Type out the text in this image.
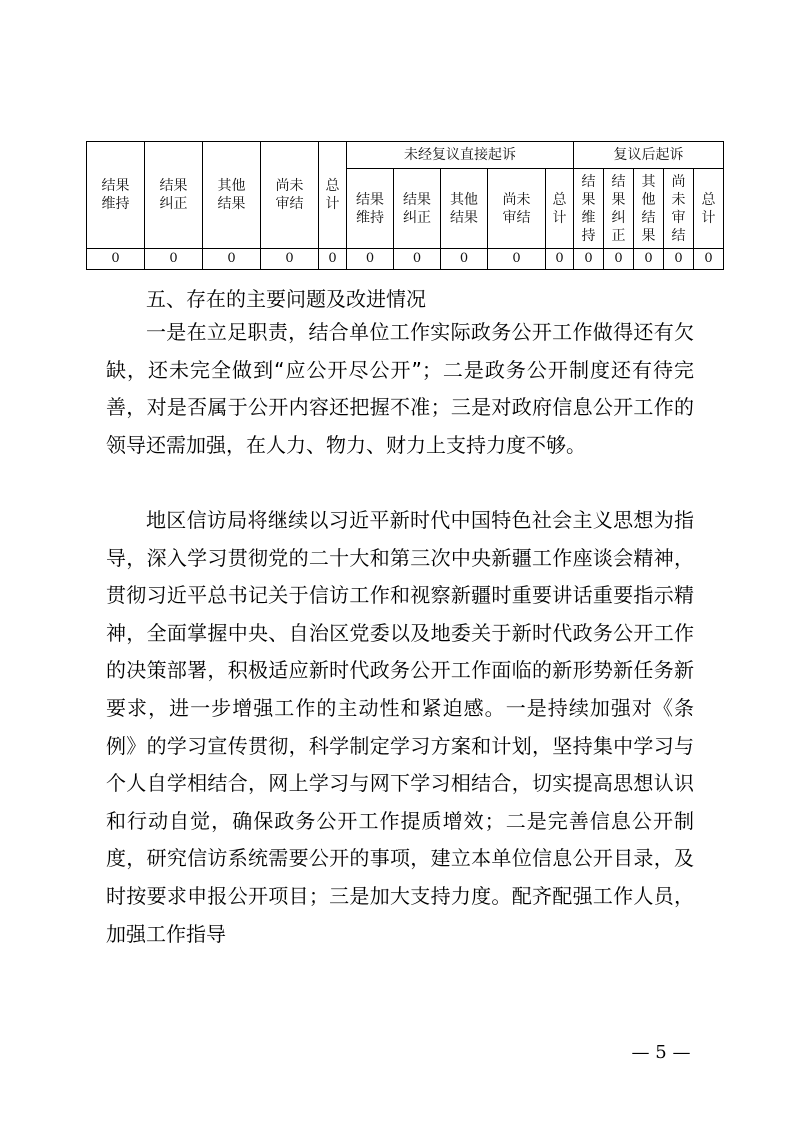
结果维持	结果纠正	其他结果	尚未审结	总计	未经复议直接起诉					复议后起诉				
					结果维持	结果纠正	其他结果	尚未审结	总计	结果维持	结果纠正	其他结果	尚未审结	总计
0	0	0	0	0	0	0	0	0	0	0	0	0	0	0

五、存在的主要问题及改进情况

一是在立足职责，结合单位工作实际政务公开工作做得还有欠缺，还未完全做到“应公开尽公开”；二是政务公开制度还有待完善，对是否属于公开内容还把握不准；三是对政府信息公开工作的领导还需加强，在人力、物力、财力上支持力度不够。

地区信访局将继续以习近平新时代中国特色社会主义思想为指导，深入学习贯彻党的二十大和第三次中央新疆工作座谈会精神，贯彻习近平总书记关于信访工作和视察新疆时重要讲话重要指示精神，全面掌握中央、自治区党委以及地委关于新时代政务公开工作的决策部署，积极适应新时代政务公开工作面临的新形势新任务新要求，进一步增强工作的主动性和紧迫感。一是持续加强对《条例》的学习宣传贯彻，科学制定学习方案和计划，坚持集中学习与个人自学相结合，网上学习与网下学习相结合，切实提高思想认识和行动自觉，确保政务公开工作提质增效；二是完善信息公开制度，研究信访系统需要公开的事项，建立本单位信息公开目录，及时按要求申报公开项目；三是加大支持力度。配齐配强工作人员，加强工作指导

— 5 —
